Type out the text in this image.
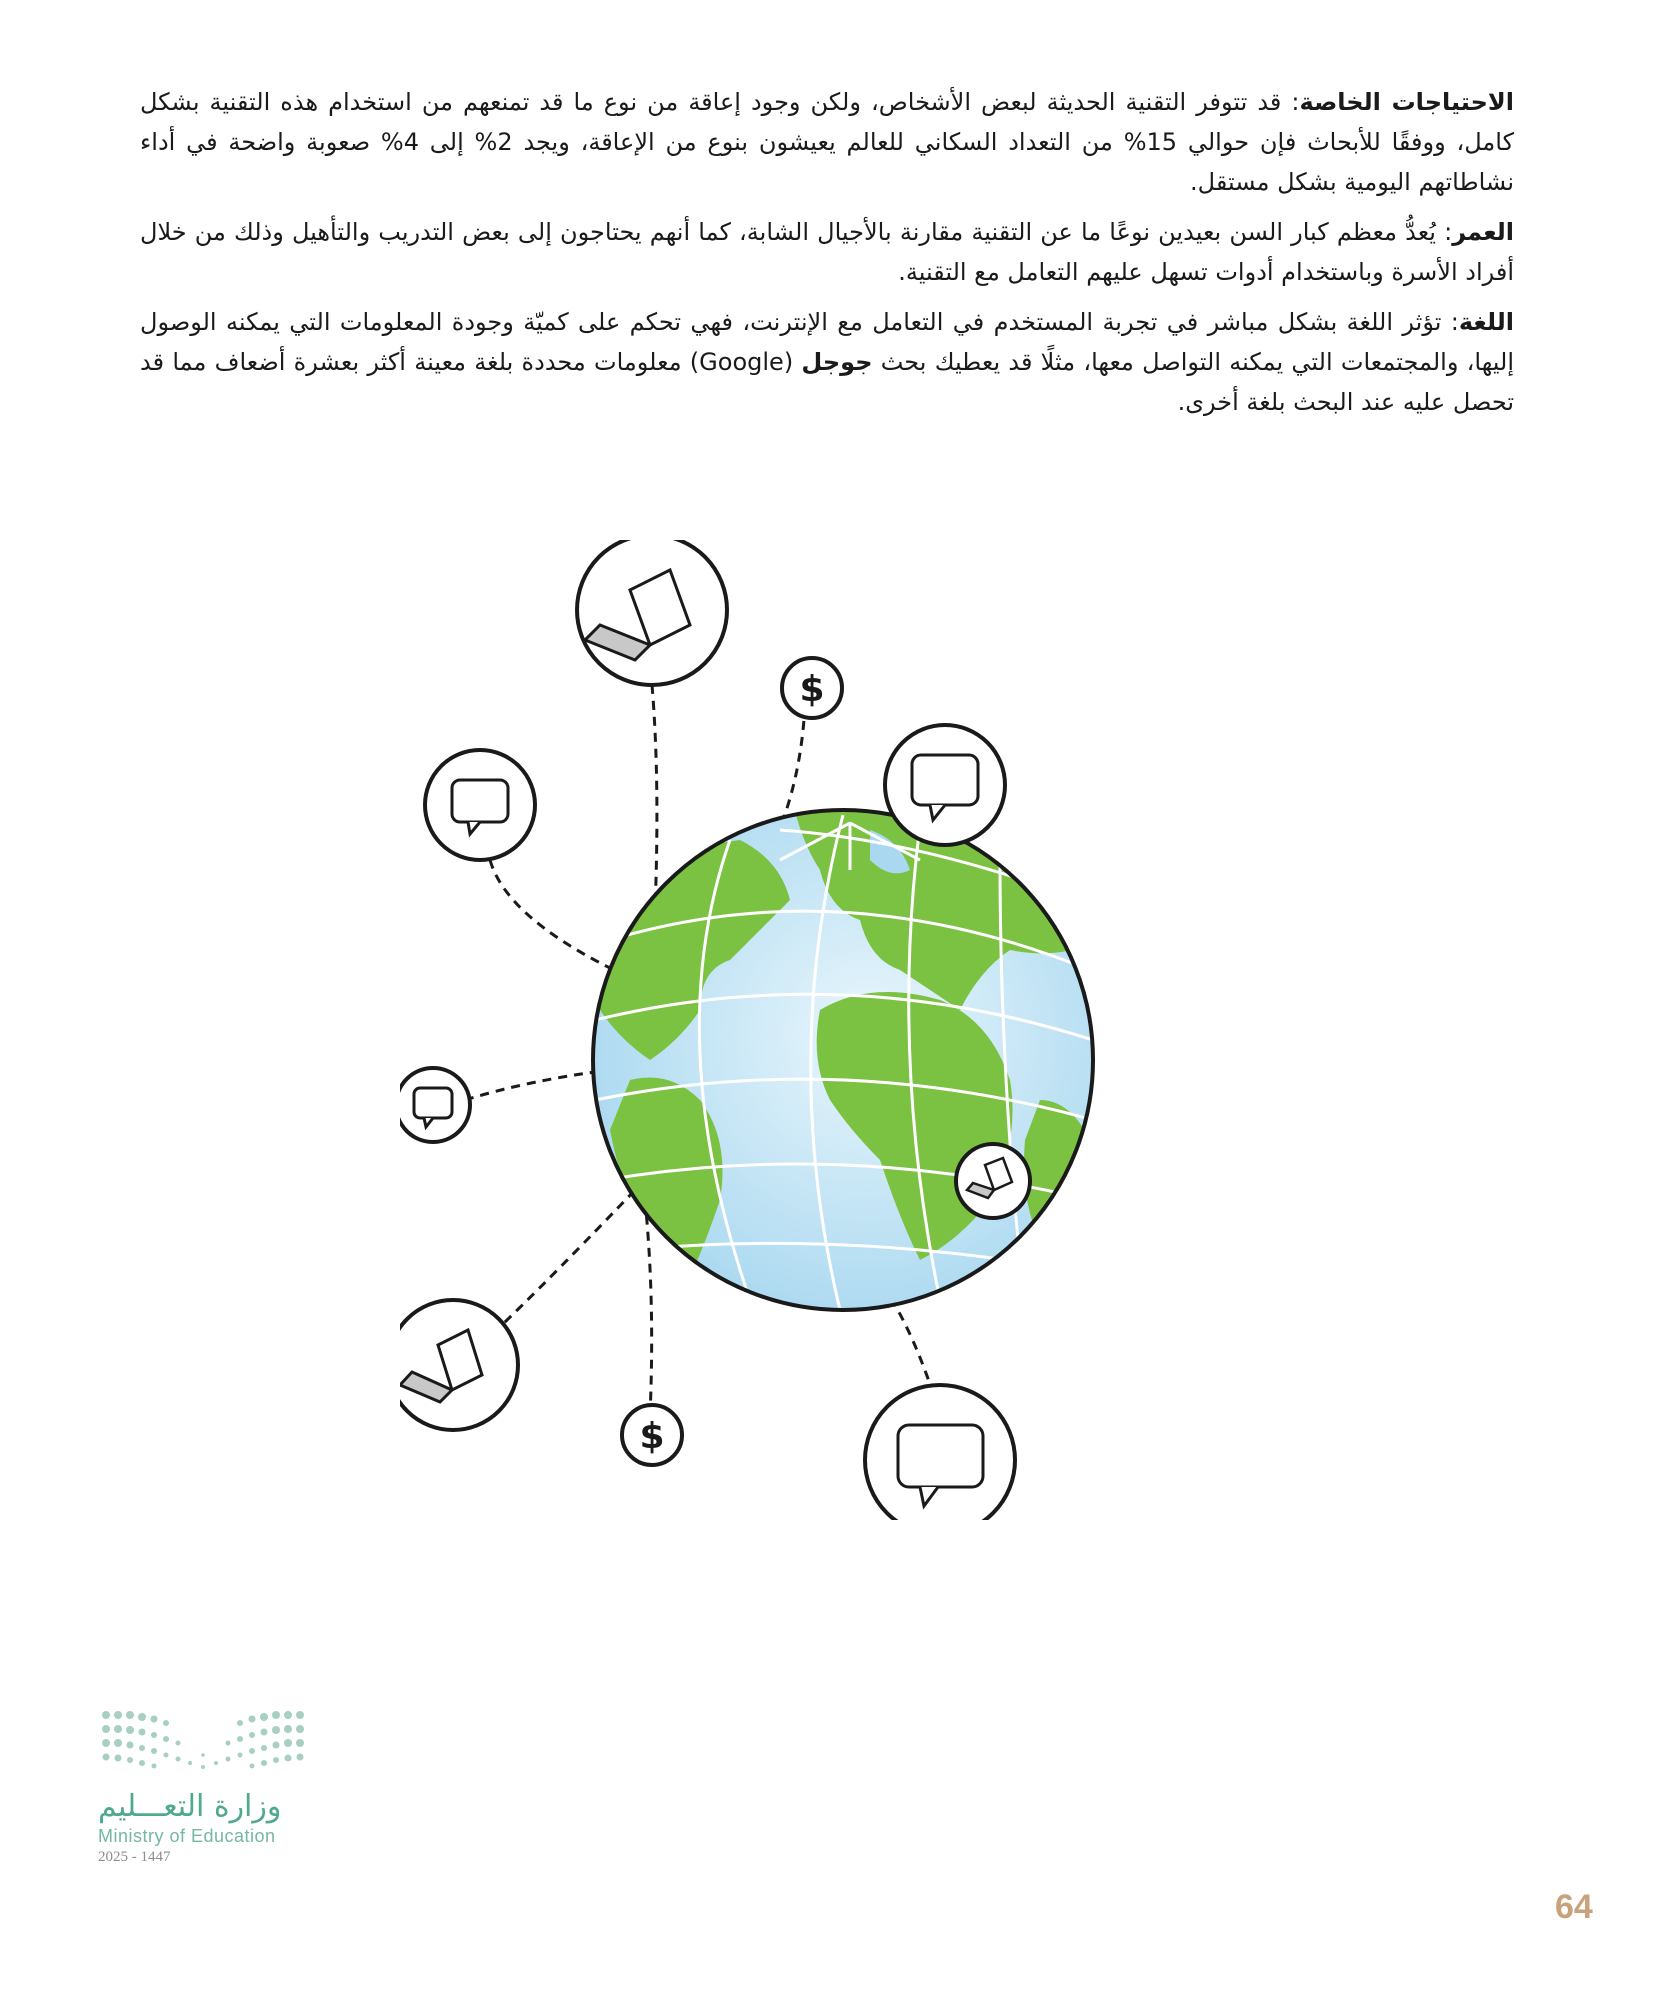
الاحتياجات الخاصة: قد تتوفر التقنية الحديثة لبعض الأشخاص، ولكن وجود إعاقة من نوع ما قد تمنعهم من استخدام هذه التقنية بشكل كامل، ووفقًا للأبحاث فإن حوالي 15% من التعداد السكاني للعالم يعيشون بنوع من الإعاقة، ويجد 2% إلى 4% صعوبة واضحة في أداء نشاطاتهم اليومية بشكل مستقل.

العمر: يُعدُّ معظم كبار السن بعيدين نوعًا ما عن التقنية مقارنة بالأجيال الشابة، كما أنهم يحتاجون إلى بعض التدريب والتأهيل وذلك من خلال أفراد الأسرة وباستخدام أدوات تسهل عليهم التعامل مع التقنية.

اللغة: تؤثر اللغة بشكل مباشر في تجربة المستخدم في التعامل مع الإنترنت، فهي تحكم على كميّة وجودة المعلومات التي يمكنه الوصول إليها، والمجتمعات التي يمكنه التواصل معها، مثلًا قد يعطيك بحث جوجل (Google) معلومات محددة بلغة معينة أكثر بعشرة أضعاف مما قد تحصل عليه عند البحث بلغة أخرى.

$
$
وزارة التعـــليم
Ministry of Education
2025 - 1447
64
